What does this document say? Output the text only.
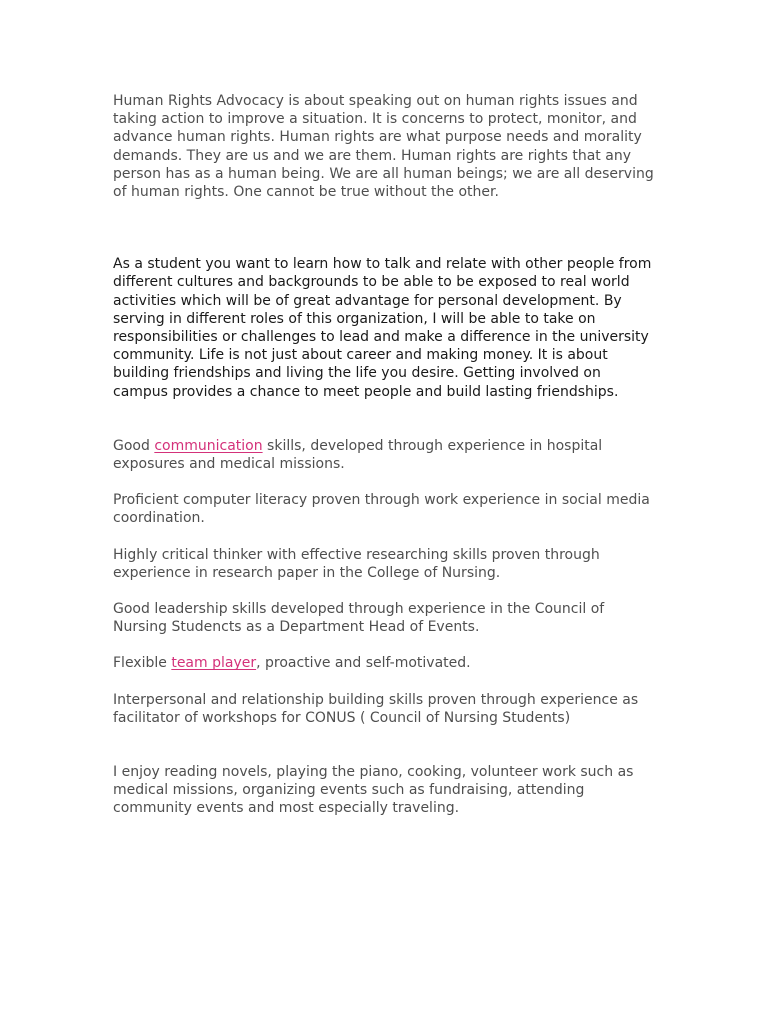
Human Rights Advocacy is about speaking out on human rights issues and taking action to improve a situation. It is concerns to protect, monitor, and advance human rights. Human rights are what purpose needs and morality demands. They are us and we are them. Human rights are rights that any person has as a human being. We are all human beings; we are all deserving of human rights. One cannot be true without the other.

As a student you want to learn how to talk and relate with other people from different cultures and backgrounds to be able to be exposed to real world activities which will be of great advantage for personal development. By serving in different roles of this organization, I will be able to take on responsibilities or challenges to lead and make a difference in the university community. Life is not just about career and making money. It is about building friendships and living the life you desire. Getting involved on campus provides a chance to meet people and build lasting friendships.

Good communication skills, developed through experience in hospital exposures and medical missions.

Proficient computer literacy proven through work experience in social media coordination.

Highly critical thinker with effective researching skills proven through experience in research paper in the College of Nursing.

Good leadership skills developed through experience in the Council of Nursing Studencts as a Department Head of Events.

Flexible team player, proactive and self-motivated.

Interpersonal and relationship building skills proven through experience as facilitator of workshops for CONUS ( Council of Nursing Students)

I enjoy reading novels, playing the piano, cooking, volunteer work such as medical missions, organizing events such as fundraising, attending community events and most especially traveling.
